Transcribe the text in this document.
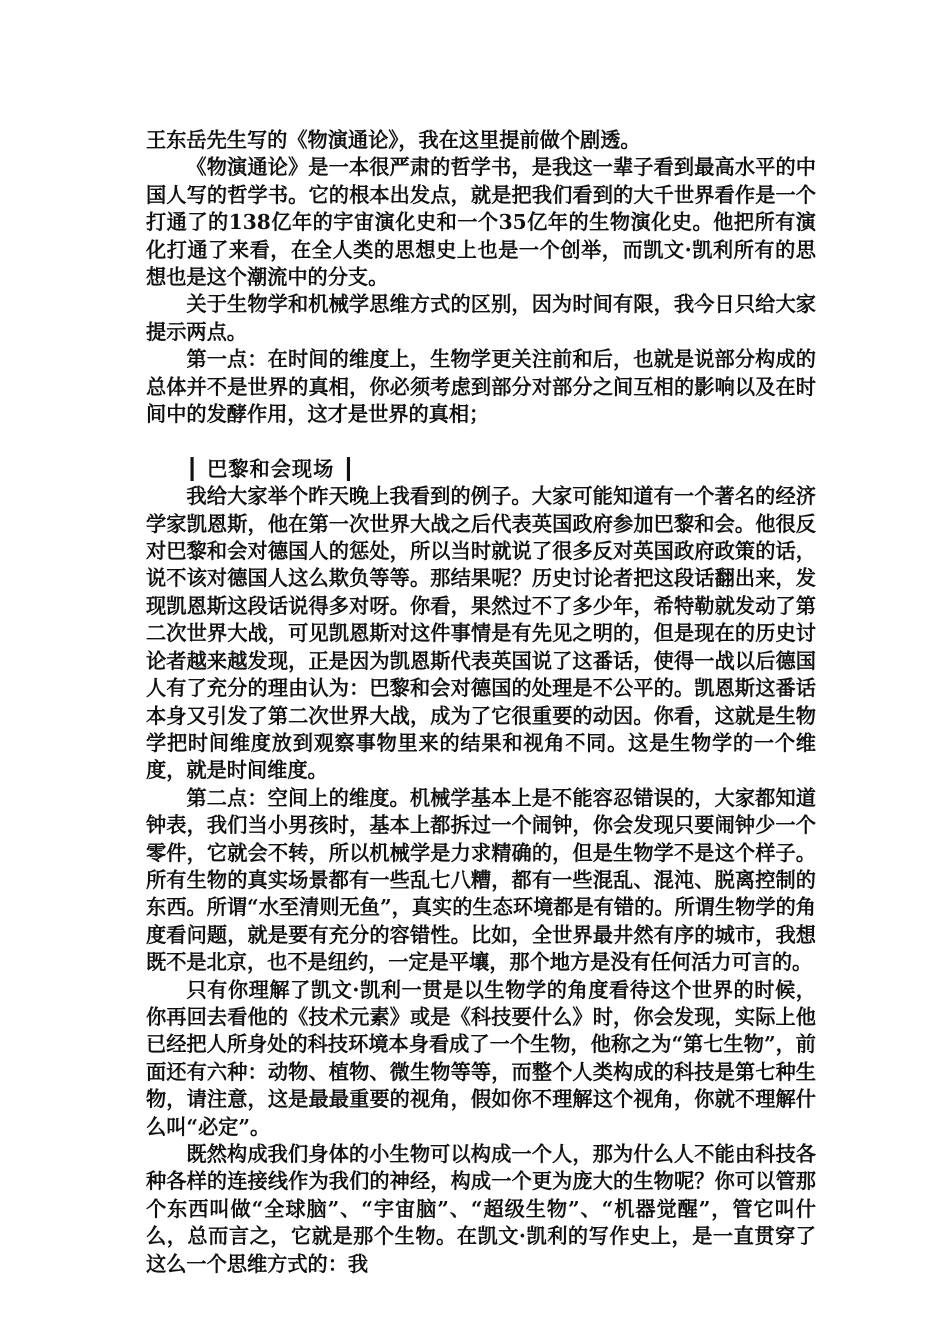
王东岳先生写的《物演通论》，我在这里提前做个剧透。

《物演通论》是一本很严肃的哲学书，是我这一辈子看到最高水平的中国人写的哲学书。它的根本出发点，就是把我们看到的大千世界看作是一个打通了的138亿年的宇宙演化史和一个35亿年的生物演化史。他把所有演化打通了来看，在全人类的思想史上也是一个创举，而凯文·凯利所有的思想也是这个潮流中的分支。

关于生物学和机械学思维方式的区别，因为时间有限，我今日只给大家提示两点。

第一点：在时间的维度上，生物学更关注前和后，也就是说部分构成的总体并不是世界的真相，你必须考虑到部分对部分之间互相的影响以及在时间中的发酵作用，这才是世界的真相；

┃ 巴黎和会现场 ┃

我给大家举个昨天晚上我看到的例子。大家可能知道有一个著名的经济学家凯恩斯，他在第一次世界大战之后代表英国政府参加巴黎和会。他很反对巴黎和会对德国人的惩处，所以当时就说了很多反对英国政府政策的话，说不该对德国人这么欺负等等。那结果呢？历史讨论者把这段话翻出来，发现凯恩斯这段话说得多对呀。你看，果然过不了多少年，希特勒就发动了第二次世界大战，可见凯恩斯对这件事情是有先见之明的，但是现在的历史讨论者越来越发现，正是因为凯恩斯代表英国说了这番话，使得一战以后德国人有了充分的理由认为：巴黎和会对德国的处理是不公平的。凯恩斯这番话本身又引发了第二次世界大战，成为了它很重要的动因。你看，这就是生物学把时间维度放到观察事物里来的结果和视角不同。这是生物学的一个维度，就是时间维度。

第二点：空间上的维度。机械学基本上是不能容忍错误的，大家都知道钟表，我们当小男孩时，基本上都拆过一个闹钟，你会发现只要闹钟少一个零件，它就会不转，所以机械学是力求精确的，但是生物学不是这个样子。所有生物的真实场景都有一些乱七八糟，都有一些混乱、混沌、脱离控制的东西。所谓“水至清则无鱼”，真实的生态环境都是有错的。所谓生物学的角度看问题，就是要有充分的容错性。比如，全世界最井然有序的城市，我想既不是北京，也不是纽约，一定是平壤，那个地方是没有任何活力可言的。

只有你理解了凯文·凯利一贯是以生物学的角度看待这个世界的时候，你再回去看他的《技术元素》或是《科技要什么》时，你会发现，实际上他已经把人所身处的科技环境本身看成了一个生物，他称之为“第七生物”，前面还有六种：动物、植物、微生物等等，而整个人类构成的科技是第七种生物，请注意，这是最最重要的视角，假如你不理解这个视角，你就不理解什么叫“必定”。

既然构成我们身体的小生物可以构成一个人，那为什么人不能由科技各种各样的连接线作为我们的神经，构成一个更为庞大的生物呢？你可以管那个东西叫做“全球脑”、“宇宙脑”、“超级生物”、“机器觉醒”，管它叫什么，总而言之，它就是那个生物。在凯文·凯利的写作史上，是一直贯穿了这么一个思维方式的：我
